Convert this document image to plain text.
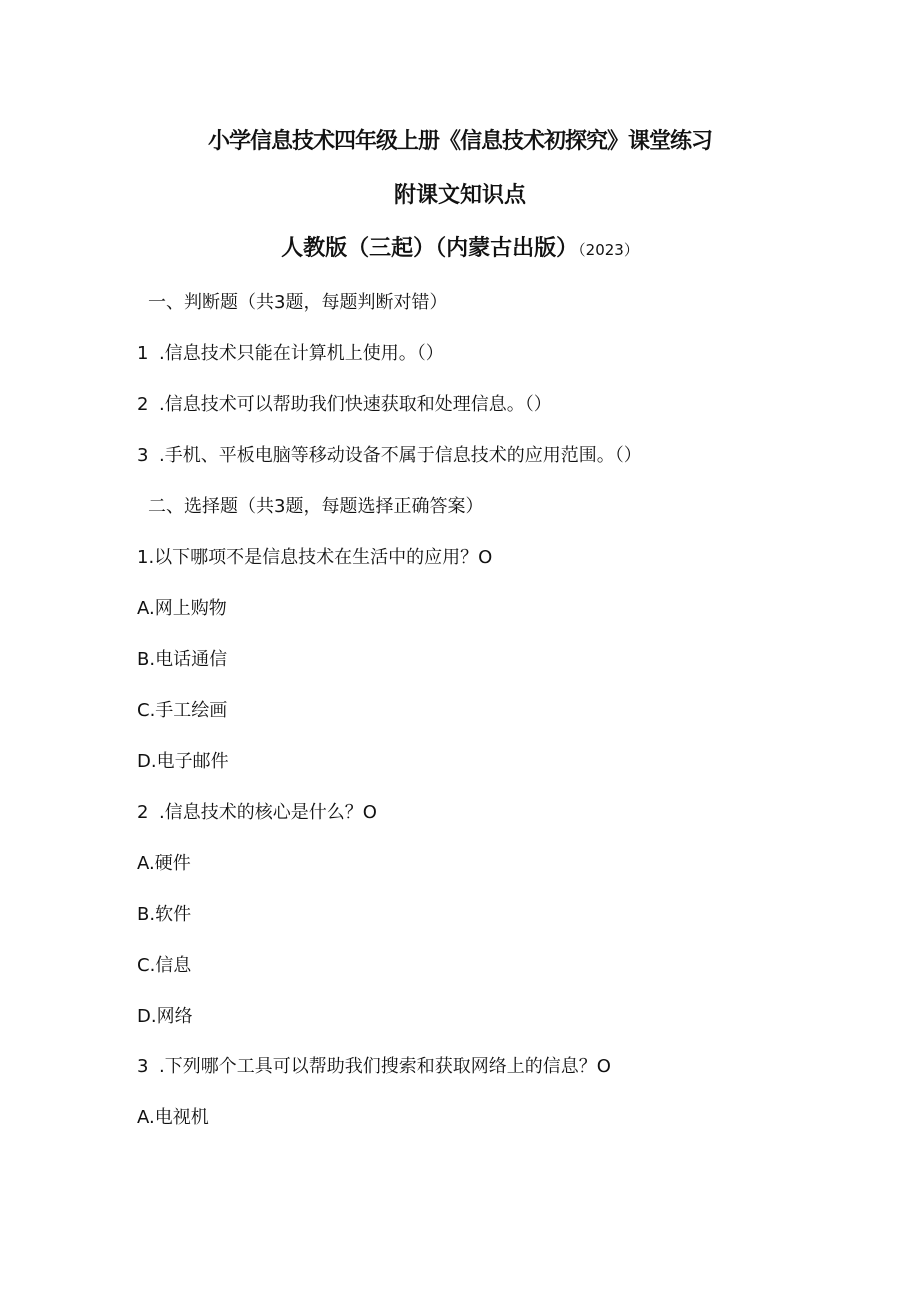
小学信息技术四年级上册《信息技术初探究》课堂练习
附课文知识点
人教版（三起）（内蒙古出版）（2023）
一、判断题（共3题，每题判断对错）
1 .信息技术只能在计算机上使用。（）
2 .信息技术可以帮助我们快速获取和处理信息。（）
3 .手机、平板电脑等移动设备不属于信息技术的应用范围。（）
二、选择题（共3题，每题选择正确答案）
1.以下哪项不是信息技术在生活中的应用？O
A.网上购物
B.电话通信
C.手工绘画
D.电子邮件
2 .信息技术的核心是什么？O
A.硬件
B.软件
C.信息
D.网络
3 .下列哪个工具可以帮助我们搜索和获取网络上的信息？O
A.电视机
